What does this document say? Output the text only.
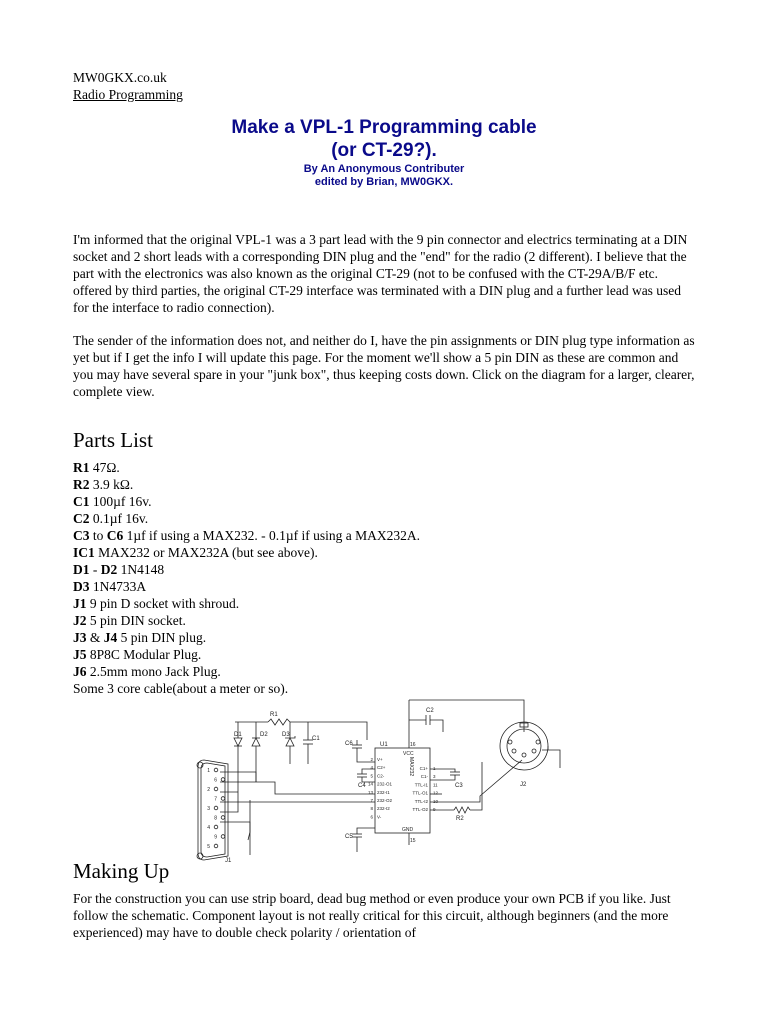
MW0GKX.co.uk
Radio Programming
Make a VPL-1 Programming cable
(or CT-29?).
By An Anonymous Contributer
edited by Brian, MW0GKX.

I'm informed that the original VPL-1 was a 3 part lead with the 9 pin connector and electrics terminating at a DIN socket and 2 short leads with a corresponding DIN plug and the "end" for the radio (2 different). I believe that the part with the electronics was also known as the original CT-29 (not to be confused with the CT-29A/B/F etc. offered by third parties, the original CT-29 interface was terminated with a DIN plug and a further lead was used for the interface to radio connection).

The sender of the information does not, and neither do I, have the pin assignments or DIN plug type information as yet but if I get the info I will update this page. For the moment we'll show a 5 pin DIN as these are common and you may have several spare in your "junk box", thus keeping costs down. Click on the diagram for a larger, clearer, complete view.

Parts List
R1 47Ω.
R2 3.9 kΩ.
C1 100µf 16v.
C2 0.1µf 16v.
C3 to C6 1µf if using a MAX232. - 0.1µf if using a MAX232A.
IC1 MAX232 or MAX232A (but see above).
D1 - D2 1N4148
D3 1N4733A
J1 9 pin D socket with shroud.
J2 5 pin DIN socket.
J3 & J4 5 pin DIN plug.
J5 8P8C Modular Plug.
J6 2.5mm mono Jack Plug.
Some 3 core cable(about a meter or so).
1
6
2
7
3
8
4
9
5
J1
R1
D1	D2 D3
C1
C2
C6
C4	C3
C5
U1	16
VCC
GND
15
MAX232
V+
2
C2+
4
C2-
5
232-O1
14
232-I1
13
232-O2
7
232-I2
8
V-
6
C1+ 1
C1- 3
TTL-I1 11
TTL-O1 12
TTL-I2 10
TTL-O2 9
R2
J2
Making Up

For the construction you can use strip board, dead bug method or even produce your own PCB if you like. Just follow the schematic. Component layout is not really critical for this circuit, although beginners (and the more experienced) may have to double check polarity / orientation of
